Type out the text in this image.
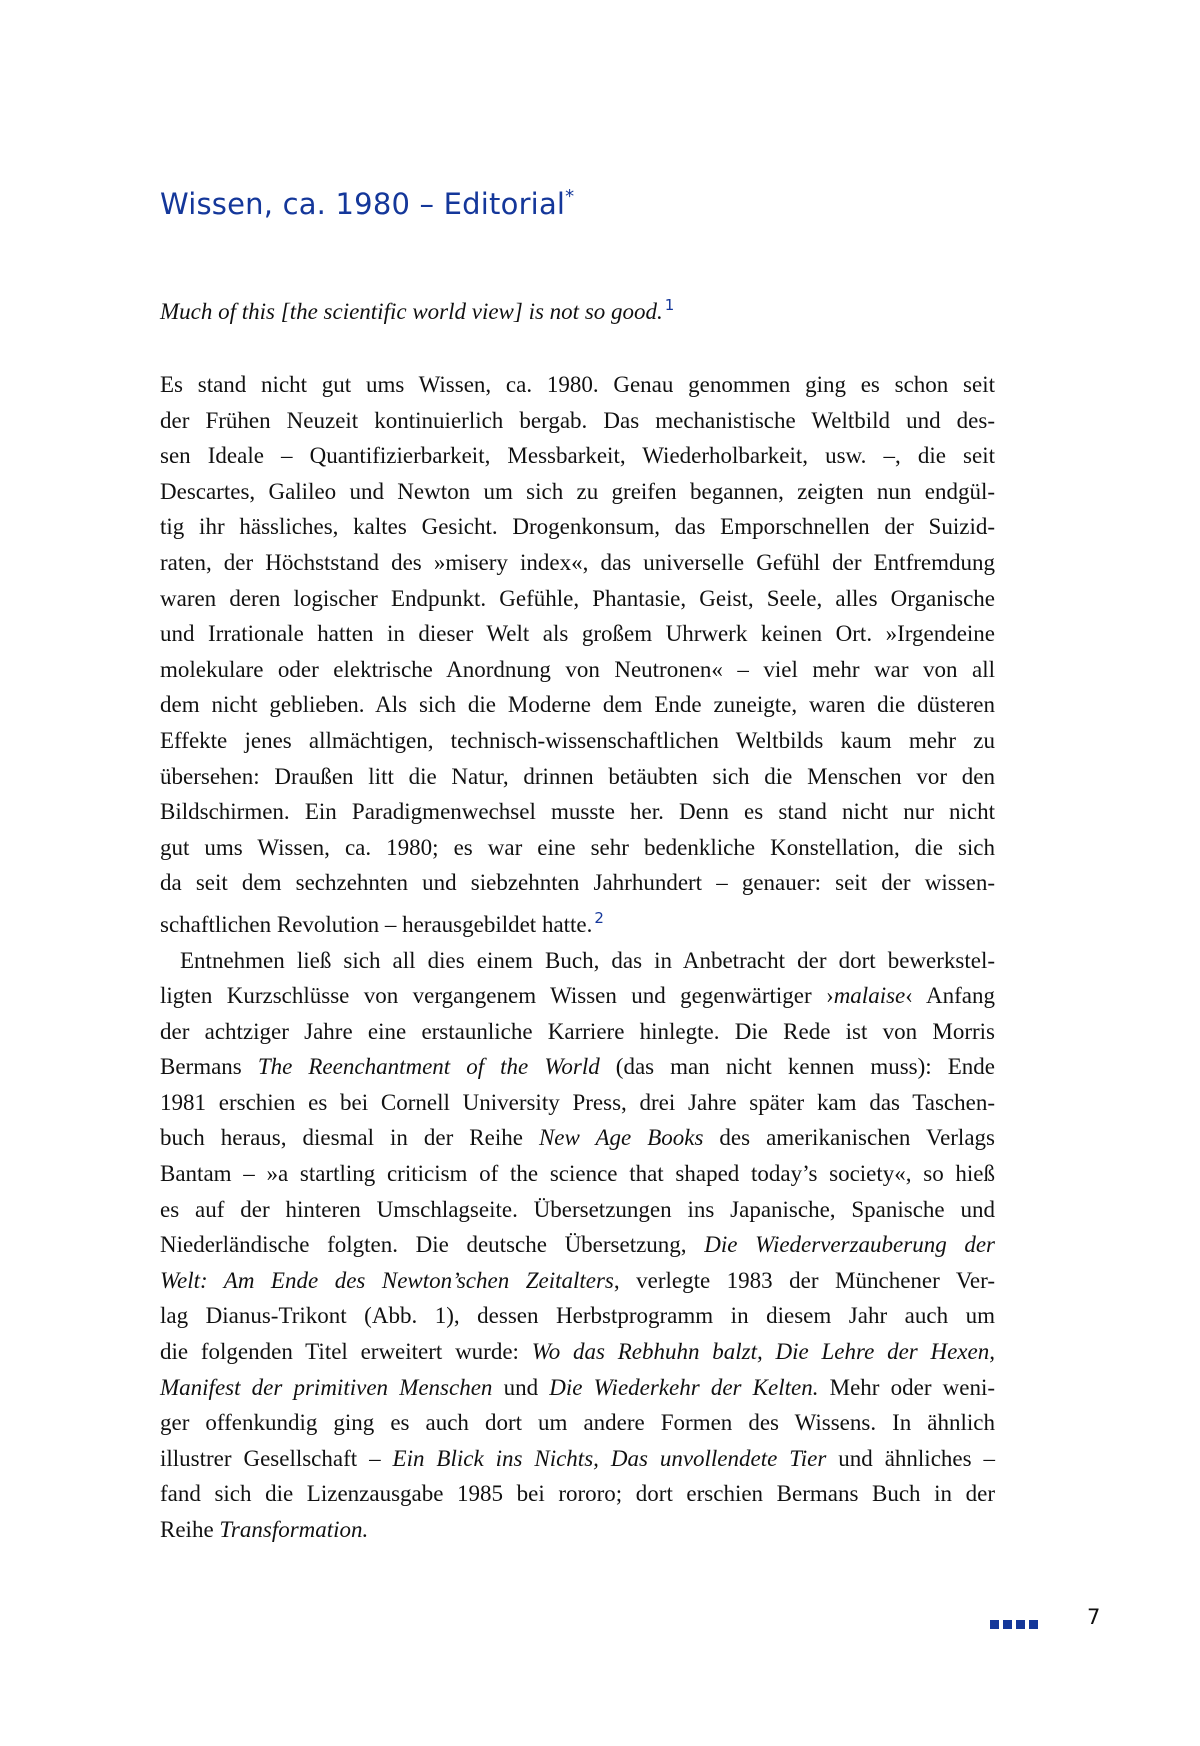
Wissen, ca. 1980 – Editorial*

Much of this [the scientific world view] is not so good. $^1$

Es stand nicht gut ums Wissen, ca. 1980. Genau genommen ging es schon seit
der Frühen Neuzeit kontinuierlich bergab. Das mechanistische Weltbild und des-
sen Ideale – Quantifizierbarkeit, Messbarkeit, Wiederholbarkeit, usw. –, die seit
Descartes, Galileo und Newton um sich zu greifen begannen, zeigten nun endgül-
tig ihr hässliches, kaltes Gesicht. Drogenkonsum, das Emporschnellen der Suizid-
raten, der Höchststand des »misery index«, das universelle Gefühl der Entfremdung
waren deren logischer Endpunkt. Gefühle, Phantasie, Geist, Seele, alles Organische
und Irrationale hatten in dieser Welt als großem Uhrwerk keinen Ort. »Irgendeine
molekulare oder elektrische Anordnung von Neutronen« – viel mehr war von all
dem nicht geblieben. Als sich die Moderne dem Ende zuneigte, waren die düsteren
Effekte jenes allmächtigen, technisch-wissenschaftlichen Weltbilds kaum mehr zu
übersehen: Draußen litt die Natur, drinnen betäubten sich die Menschen vor den
Bildschirmen. Ein Paradigmenwechsel musste her. Denn es stand nicht nur nicht
gut ums Wissen, ca. 1980; es war eine sehr bedenkliche Konstellation, die sich
da seit dem sechzehnten und siebzehnten Jahrhundert – genauer: seit der wissen-
schaftlichen Revolution – herausgebildet hatte. $^2$
Entnehmen ließ sich all dies einem Buch, das in Anbetracht der dort bewerkstel-
ligten Kurzschlüsse von vergangenem Wissen und gegenwärtiger ›malaise‹ Anfang
der achtziger Jahre eine erstaunliche Karriere hinlegte. Die Rede ist von Morris
Bermans The Reenchantment of the World (das man nicht kennen muss): Ende
1981 erschien es bei Cornell University Press, drei Jahre später kam das Taschen-
buch heraus, diesmal in der Reihe New Age Books des amerikanischen Verlags
Bantam – »a startling criticism of the science that shaped today’s society«, so hieß
es auf der hinteren Umschlagseite. Übersetzungen ins Japanische, Spanische und
Niederländische folgten. Die deutsche Übersetzung, Die Wiederverzauberung der
Welt: Am Ende des Newton’schen Zeitalters, verlegte 1983 der Münchener Ver-
lag Dianus-Trikont (Abb. 1), dessen Herbstprogramm in diesem Jahr auch um
die folgenden Titel erweitert wurde: Wo das Rebhuhn balzt, Die Lehre der Hexen,
Manifest der primitiven Menschen und Die Wiederkehr der Kelten. Mehr oder weni-
ger offenkundig ging es auch dort um andere Formen des Wissens. In ähnlich
illustrer Gesellschaft – Ein Blick ins Nichts, Das unvollendete Tier und ähnliches –
fand sich die Lizenzausgabe 1985 bei rororo; dort erschien Bermans Buch in der
Reihe Transformation.
7
